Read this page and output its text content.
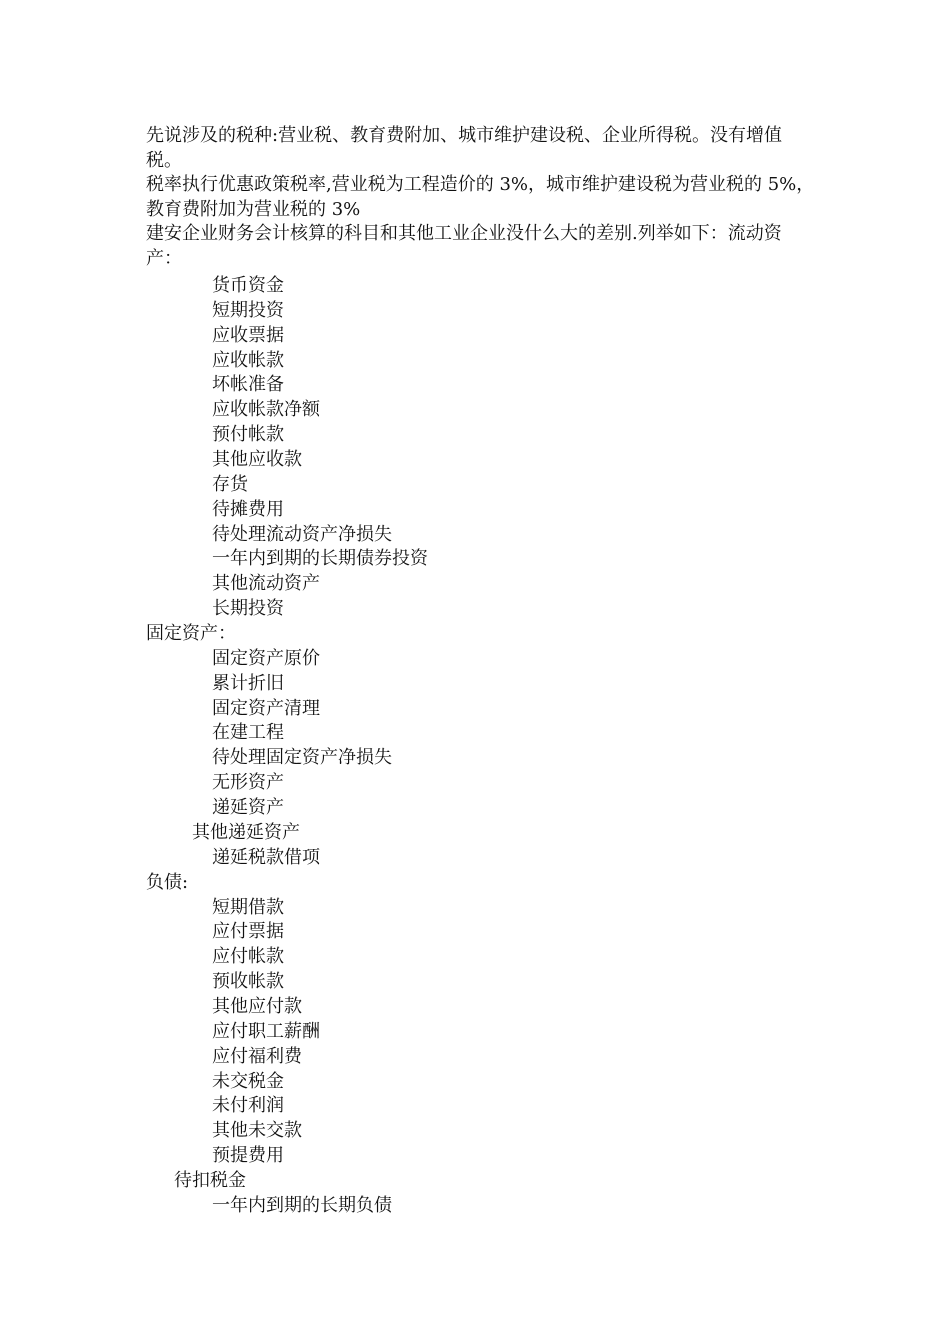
先说涉及的税种:营业税、教育费附加、城市维护建设税、企业所得税。没有增值税。

税率执行优惠政策税率,营业税为工程造价的 3%，城市维护建设税为营业税的 5%，教育费附加为营业税的 3%

建安企业财务会计核算的科目和其他工业企业没什么大的差别.列举如下：流动资产：

货币资金
短期投资
应收票据
应收帐款
坏帐准备
应收帐款净额
预付帐款
其他应收款
存货
待摊费用
待处理流动资产净损失
一年内到期的长期债券投资
其他流动资产
长期投资
固定资产：
固定资产原价
累计折旧
固定资产清理
在建工程
待处理固定资产净损失
无形资产
递延资产
其他递延资产
递延税款借项
负债:
短期借款
应付票据
应付帐款
预收帐款
其他应付款
应付职工薪酬
应付福利费
未交税金
未付利润
其他未交款
预提费用
待扣税金
一年内到期的长期负债
